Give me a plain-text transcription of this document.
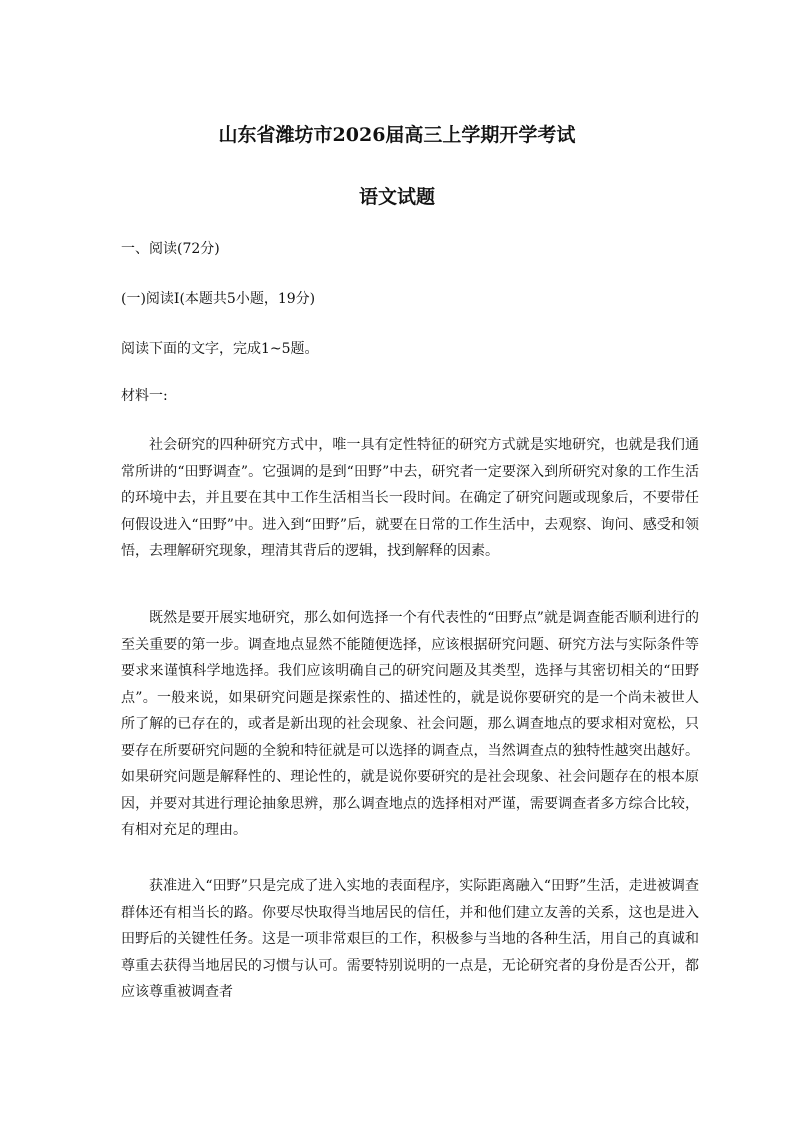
山东省潍坊市2026届高三上学期开学考试
语文试题
一、阅读(72分)
(一)阅读I(本题共5小题，19分)
阅读下面的文字，完成1~5题。
材料一:

社会研究的四种研究方式中，唯一具有定性特征的研究方式就是实地研究，也就是我们通常所讲的“田野调查”。它强调的是到“田野”中去，研究者一定要深入到所研究对象的工作生活的环境中去，并且要在其中工作生活相当长一段时间。在确定了研究问题或现象后，不要带任何假设进入“田野”中。进入到“田野”后，就要在日常的工作生活中，去观察、询问、感受和领悟，去理解研究现象，理清其背后的逻辑，找到解释的因素。

既然是要开展实地研究，那么如何选择一个有代表性的“田野点”就是调查能否顺利进行的至关重要的第一步。调查地点显然不能随便选择，应该根据研究问题、研究方法与实际条件等要求来谨慎科学地选择。我们应该明确自己的研究问题及其类型，选择与其密切相关的“田野点”。一般来说，如果研究问题是探索性的、描述性的，就是说你要研究的是一个尚未被世人所了解的已存在的，或者是新出现的社会现象、社会问题，那么调查地点的要求相对宽松，只要存在所要研究问题的全貌和特征就是可以选择的调查点，当然调查点的独特性越突出越好。如果研究问题是解释性的、理论性的，就是说你要研究的是社会现象、社会问题存在的根本原因，并要对其进行理论抽象思辨，那么调查地点的选择相对严谨，需要调查者多方综合比较，有相对充足的理由。

获准进入“田野”只是完成了进入实地的表面程序，实际距离融入“田野”生活，走进被调查群体还有相当长的路。你要尽快取得当地居民的信任，并和他们建立友善的关系，这也是进入田野后的关键性任务。这是一项非常艰巨的工作，积极参与当地的各种生活，用自己的真诚和尊重去获得当地居民的习惯与认可。需要特别说明的一点是，无论研究者的身份是否公开，都应该尊重被调查者
